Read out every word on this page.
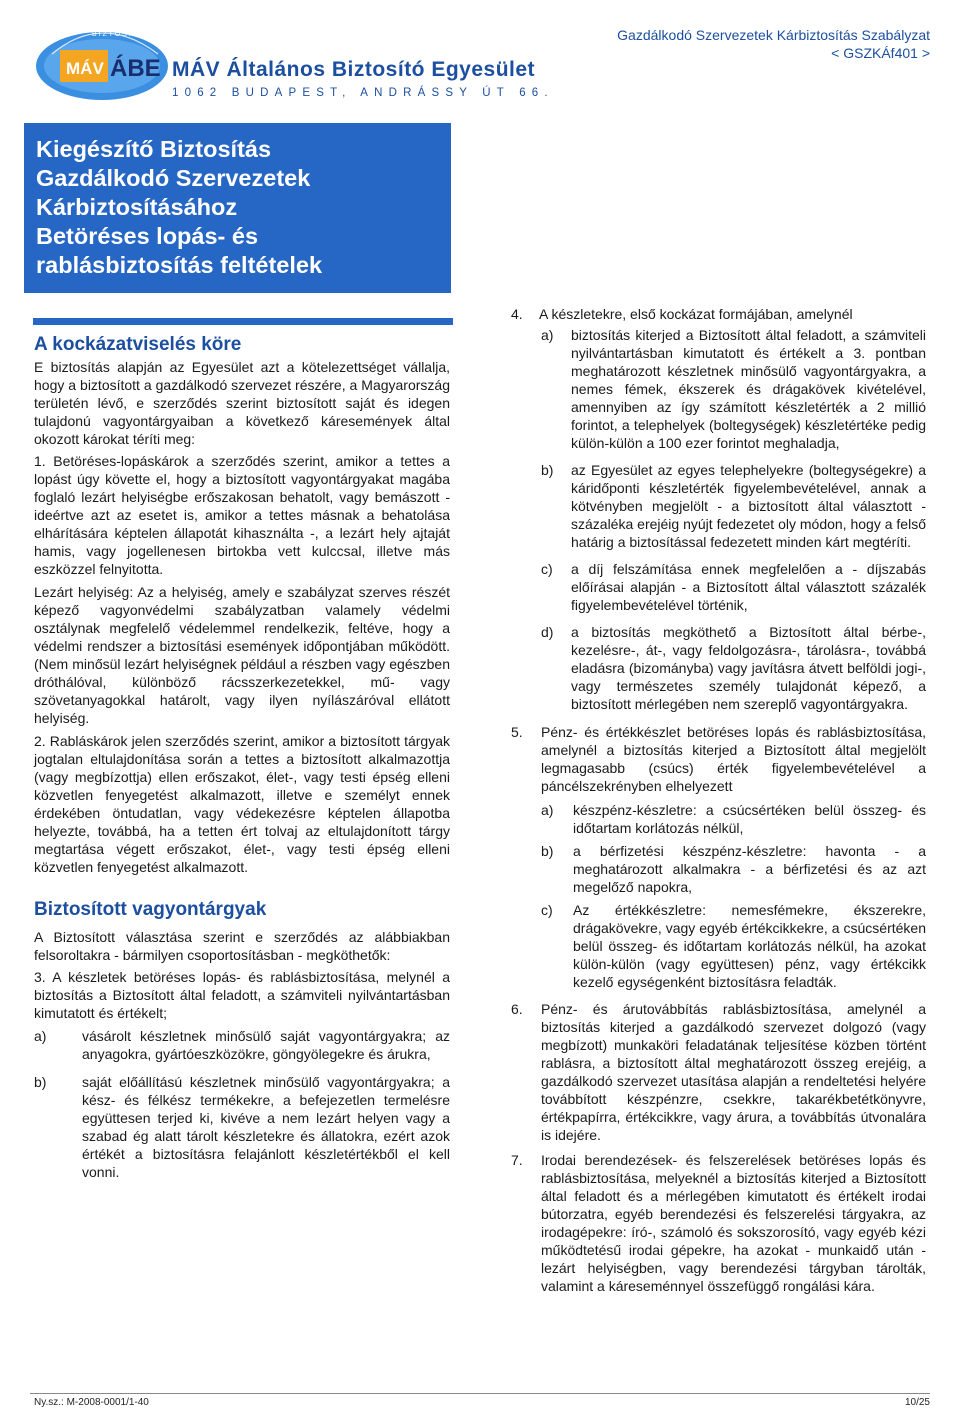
MÁV ÁBE
B I Z T O S Í T Ó
MÁV Általános Biztosító Egyesület
1062 BUDAPEST, ANDRÁSSY ÚT 66.
Gazdálkodó Szervezetek Kárbiztosítás Szabályzat
< GSZKÁf401 >
Kiegészítő Biztosítás
Gazdálkodó Szervezetek
Kárbiztosításához
Betöréses lopás- és
rablásbiztosítás feltételek
A kockázatviselés köre

E biztosítás alapján az Egyesület azt a kötelezettséget vállalja, hogy a biztosított a gazdálkodó szervezet részére, a Magyarország területén lévő, e szerződés szerint biztosított saját és idegen tulajdonú vagyontárgyaiban a következő káresemények által okozott károkat téríti meg:

1. Betöréses-lopáskárok a szerződés szerint, amikor a tettes a lopást úgy követte el, hogy a biztosított vagyontárgyakat magába foglaló lezárt helyiségbe erőszakosan behatolt, vagy bemászott - ideértve azt az esetet is, amikor a tettes másnak a behatolása elhárítására képtelen állapotát kihasználta -, a lezárt hely ajtaját hamis, vagy jogellenesen birtokba vett kulccsal, illetve más eszközzel felnyitotta.

Lezárt helyiség: Az a helyiség, amely e szabályzat szerves részét képező vagyonvédelmi szabályzatban valamely védelmi osztálynak megfelelő védelemmel rendelkezik, feltéve, hogy a védelmi rendszer a biztosítási események időpontjában működött. (Nem minősül lezárt helyiségnek például a részben vagy egészben dróthálóval, különböző rácsszerkezetekkel, mű- vagy szövetanyagokkal határolt, vagy ilyen nyílászáróval ellátott helyiség.

2. Rabláskárok jelen szerződés szerint, amikor a biztosított tárgyak jogtalan eltulajdonítása során a tettes a biztosított alkalmazottja (vagy megbízottja) ellen erőszakot, élet-, vagy testi épség elleni közvetlen fenyegetést alkalmazott, illetve e személyt ennek érdekében öntudatlan, vagy védekezésre képtelen állapotba helyezte, továbbá, ha a tetten ért tolvaj az eltulajdonított tárgy megtartása végett erőszakot, élet-, vagy testi épség elleni közvetlen fenyegetést alkalmazott.
Biztosított vagyontárgyak

A Biztosított választása szerint e szerződés az alábbiakban felsoroltakra - bármilyen csoportosításban - megköthetők:

3. A készletek betöréses lopás- és rablásbiztosítása, melynél a biztosítás a Biztosított által feladott, a számviteli nyilvántartásban kimutatott és értékelt;
a)	vásárolt készletnek minősülő saját vagyontárgyakra; az anyagokra, gyártóeszközökre, göngyölegekre és árukra,

b)	saját előállítású készletnek minősülő vagyontárgyakra; a kész- és félkész termékekre, a befejezetlen termelésre együttesen terjed ki, kivéve a nem lezárt helyen vagy a szabad ég alatt tárolt készletekre és állatokra, ezért azok értékét a biztosításra felajánlott készletértékből el kell vonni.

4. A készletekre, első kockázat formájában, amelynél

a) biztosítás kiterjed a Biztosított által feladott, a számviteli nyilvántartásban kimutatott és értékelt a 3. pontban meghatározott készletnek minősülő vagyontárgyakra, a nemes fémek, ékszerek és drágakövek kivételével, amennyiben az így számított készletérték a 2 millió forintot, a telephelyek (boltegységek) készletértéke pedig külön-külön a 100 ezer forintot meghaladja,

b) az Egyesület az egyes telephelyekre (boltegységekre) a káridőponti készletérték figyelembevételével, annak a kötvényben megjelölt - a biztosított által választott - százaléka erejéig nyújt fedezetet oly módon, hogy a felső határig a biztosítással fedezetett minden kárt megtéríti.

c) a díj felszámítása ennek megfelelően a - díjszabás előírásai alapján - a Biztosított által választott százalék figyelembevételével történik,

d) a biztosítás megköthető a Biztosított által bérbe-, kezelésre-, át-, vagy feldolgozásra-, tárolásra-, továbbá eladásra (bizományba) vagy javításra átvett belföldi jogi-, vagy természetes személy tulajdonát képező, a biztosított mérlegében nem szereplő vagyontárgyakra.

5. Pénz- és értékkészlet betöréses lopás és rablásbiztosítása, amelynél a biztosítás kiterjed a Biztosított által megjelölt legmagasabb (csúcs) érték figyelembevételével a páncélszekrényben elhelyezett

a) készpénz-készletre: a csúcsértéken belül összeg- és időtartam korlátozás nélkül,

b) a bérfizetési készpénz-készletre: havonta - a meghatározott alkalmakra - a bérfizetési és az azt megelőző napokra,

c) Az értékkészletre: nemesfémekre, ékszerekre, drágakövekre, vagy egyéb értékcikkekre, a csúcsértéken belül összeg- és időtartam korlátozás nélkül, ha azokat külön-külön (vagy együttesen) pénz, vagy értékcikk kezelő egységenként biztosításra feladták.

6. Pénz- és árutovábbítás rablásbiztosítása, amelynél a biztosítás kiterjed a gazdálkodó szervezet dolgozó (vagy megbízott) munkaköri feladatának teljesítése közben történt rablásra, a biztosított által meghatározott összeg erejéig, a gazdálkodó szervezet utasítása alapján a rendeltetési helyére továbbított készpénzre, csekkre, takarékbetétkönyvre, értékpapírra, értékcikkre, vagy árura, a továbbítás útvonalára is idejére.

7. Irodai berendezések- és felszerelések betöréses lopás és rablásbiztosítása, melyeknél a biztosítás kiterjed a Biztosított által feladott és a mérlegében kimutatott és értékelt irodai bútorzatra, egyéb berendezési és felszerelési tárgyakra, az irodagépekre: író-, számoló és sokszorosító, vagy egyéb kézi működtetésű irodai gépekre, ha azokat - munkaidő után - lezárt helyiségben, vagy berendezési tárgyban tárolták, valamint a káreseménnyel összefüggő rongálási kára.

Ny.sz.: M-2008-0001/1-40	10/25
